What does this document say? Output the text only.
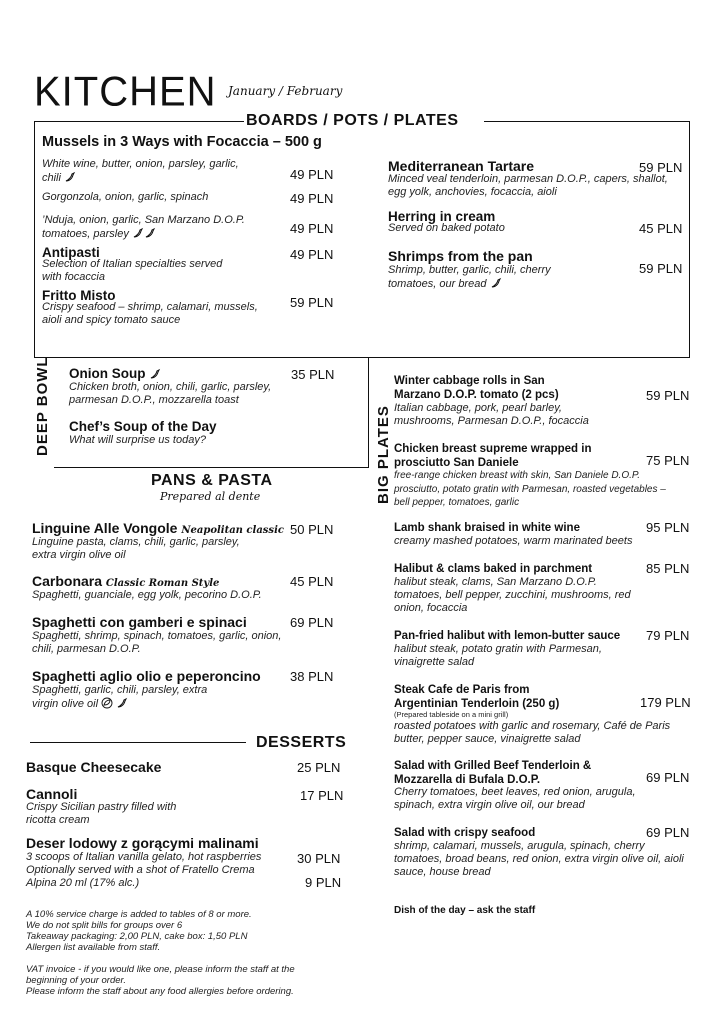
KITCHEN January / February
BOARDS / POTS / PLATES
Mussels in 3 Ways with Focaccia – 500 g
White wine, butter, onion, parsley, garlic, chili	49 PLN
Gorgonzola, onion, garlic, spinach	49 PLN
’Nduja, onion, garlic, San Marzano D.O.P. tomatoes, parsley	49 PLN
Antipasti
Selection of Italian specialties served with focaccia
49 PLN
Fritto Misto
Crispy seafood – shrimp, calamari, mussels, aioli and spicy tomato sauce
59 PLN
Mediterranean Tartare
Minced veal tenderloin, parmesan D.O.P., capers, shallot, egg yolk, anchovies, focaccia, aioli
59 PLN
Herring in cream
Served on baked potato	45 PLN
Shrimps from the pan
Shrimp, butter, garlic, chili, cherry tomatoes, our bread
59 PLN
DEEP BOWL Onion Soup
Chicken broth, onion, chili, garlic, parsley, parmesan D.O.P., mozzarella toast
35 PLN
Chef’s Soup of the Day
What will surprise us today?
PANS & PASTA
Prepared al dente
Linguine Alle Vongole Neapolitan classic
Linguine pasta, clams, chili, garlic, parsley, extra virgin olive oil
50 PLN
Carbonara Classic Roman Style
Spaghetti, guanciale, egg yolk, pecorino D.O.P.
45 PLN
Spaghetti con gamberi e spinaci
Spaghetti, shrimp, spinach, tomatoes, garlic, onion, chili, parmesan D.O.P.
69 PLN
Spaghetti aglio olio e peperoncino
Spaghetti, garlic, chili, parsley, extra virgin olive oil
38 PLN
DESSERTS
Basque Cheesecake	25 PLN
Cannoli
Crispy Sicilian pastry filled with ricotta cream
17 PLN
Deser lodowy z gorącymi malinami
3 scoops of Italian vanilla gelato, hot raspberries	30 PLN
Optionally served with a shot of Fratello Crema Alpina 20 ml (17% alc.)	9 PLN
A 10% service charge is added to tables of 8 or more.
We do not split bills for groups over 6
Takeaway packaging: 2,00 PLN, cake box: 1,50 PLN
Allergen list available from staff.
VAT invoice - if you would like one, please inform the staff at the beginning of your order.
Please inform the staff about any food allergies before ordering.
BIG PLATES
Winter cabbage rolls in San Marzano D.O.P. tomato (2 pcs)
Italian cabbage, pork, pearl barley, mushrooms, Parmesan D.O.P., focaccia
59 PLN
Chicken breast supreme wrapped in prosciutto San Daniele
free-range chicken breast with skin, San Daniele D.O.P. prosciutto, potato gratin with Parmesan, roasted vegetables – bell pepper, tomatoes, garlic
75 PLN
Lamb shank braised in white wine
creamy mashed potatoes, warm marinated beets
95 PLN
Halibut & clams baked in parchment
halibut steak, clams, San Marzano D.O.P. tomatoes, bell pepper, zucchini, mushrooms, red onion, focaccia
85 PLN
Pan-fried halibut with lemon-butter sauce
halibut steak, potato gratin with Parmesan, vinaigrette salad
79 PLN
Steak Cafe de Paris from Argentinian Tenderloin (250 g)
(Prepared tableside on a mini grill)
roasted potatoes with garlic and rosemary, Café de Paris butter, pepper sauce, vinaigrette salad
179 PLN
Salad with Grilled Beef Tenderloin & Mozzarella di Bufala D.O.P.
Cherry tomatoes, beet leaves, red onion, arugula, spinach, extra virgin olive oil, our bread
69 PLN
Salad with crispy seafood
shrimp, calamari, mussels, arugula, spinach, cherry tomatoes, broad beans, red onion, extra virgin olive oil, aioli sauce, house bread
69 PLN
Dish of the day – ask the staff
